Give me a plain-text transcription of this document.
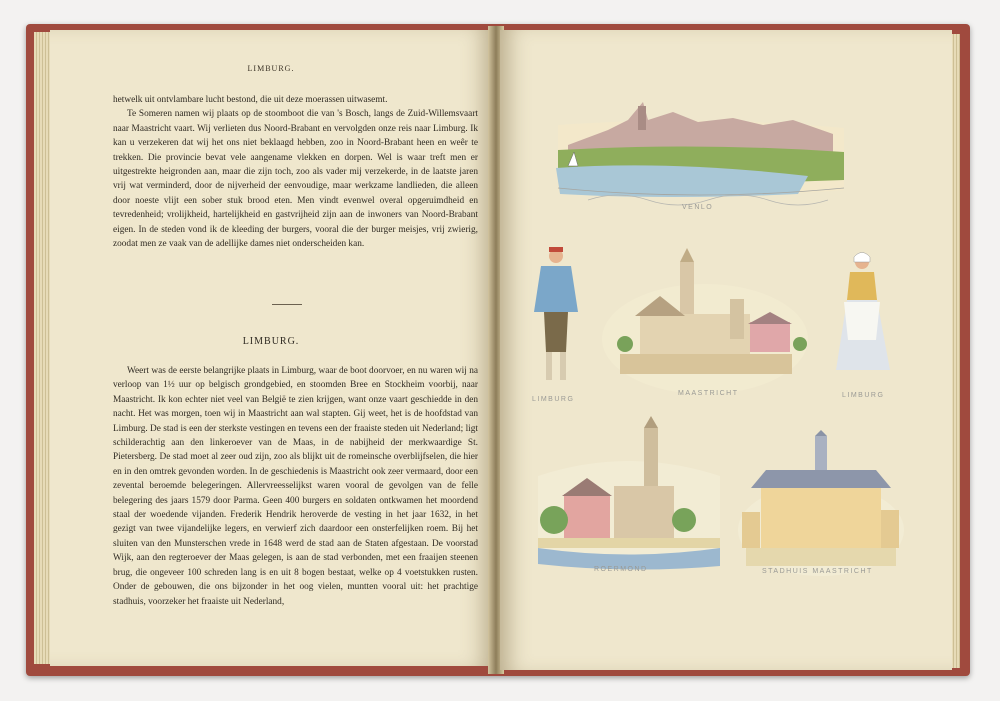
LIMBURG.

hetwelk uit ontvlambare lucht bestond, die uit deze moerassen uitwasemt.

Te Someren namen wij plaats op de stoomboot die van 's Bosch, langs de Zuid-Willemsvaart naar Maastricht vaart. Wij verlieten dus Noord-Brabant en vervolgden onze reis naar Limburg. Ik kan u verzekeren dat wij het ons niet beklaagd hebben, zoo in Noord-Brabant heen en weêr te trekken. Die provincie bevat vele aangename vlekken en dorpen. Wel is waar treft men er uitgestrekte heigronden aan, maar die zijn toch, zoo als vader mij verzekerde, in de laatste jaren vrij wat verminderd, door de nijverheid der eenvoudige, maar werkzame landlieden, die alleen door noeste vlijt een sober stuk brood eten. Men vindt evenwel overal opgeruimdheid en tevredenheid; vrolijkheid, hartelijkheid en gastvrijheid zijn aan de inwoners van Noord-Brabant eigen. In de steden vond ik de kleeding der burgers, vooral die der burger meisjes, vrij zwierig, zoodat men ze vaak van de adellijke dames niet onderscheiden kan.

LIMBURG.

Weert was de eerste belangrijke plaats in Limburg, waar de boot doorvoer, en nu waren wij na verloop van 1½ uur op belgisch grondgebied, en stoomden Bree en Stockheim voorbij, naar Maastricht. Ik kon echter niet veel van België te zien krijgen, want onze vaart geschiedde in den nacht. Het was morgen, toen wij in Maastricht aan wal stapten. Gij weet, het is de hoofdstad van Limburg. De stad is een der sterkste vestingen en tevens een der fraaiste steden uit Nederland; ligt schilderachtig aan den linkeroever van de Maas, in de nabijheid der merkwaardige St. Pietersberg. De stad moet al zeer oud zijn, zoo als blijkt uit de romeinsche overblijfselen, die hier en in den omtrek gevonden worden. In de geschiedenis is Maastricht ook zeer vermaard, door een zevental beroemde belegeringen. Allervreesselijkst waren vooral de gevolgen van de felle belegering des jaars 1579 door Parma. Geen 400 burgers en soldaten ontkwamen het moordend staal der woedende vijanden. Frederik Hendrik heroverde de vesting in het jaar 1632, in het gezigt van twee vijandelijke legers, en verwierf zich daardoor een onsterfelijken roem. Bij het sluiten van den Munsterschen vrede in 1648 werd de stad aan de Staten afgestaan. De voorstad Wijk, aan den regteroever der Maas gelegen, is aan de stad verbonden, met een fraaijen steenen brug, die ongeveer 100 schreden lang is en uit 8 bogen bestaat, welke op 4 voetstukken rusten. Onder de gebouwen, die ons bijzonder in het oog vielen, muntten vooral uit: het prachtige stadhuis, voorzeker het fraaiste uit Nederland,

VENLO
LIMBURG
MAASTRICHT	LIMBURG
ROERMOND	STADHUIS MAASTRICHT
